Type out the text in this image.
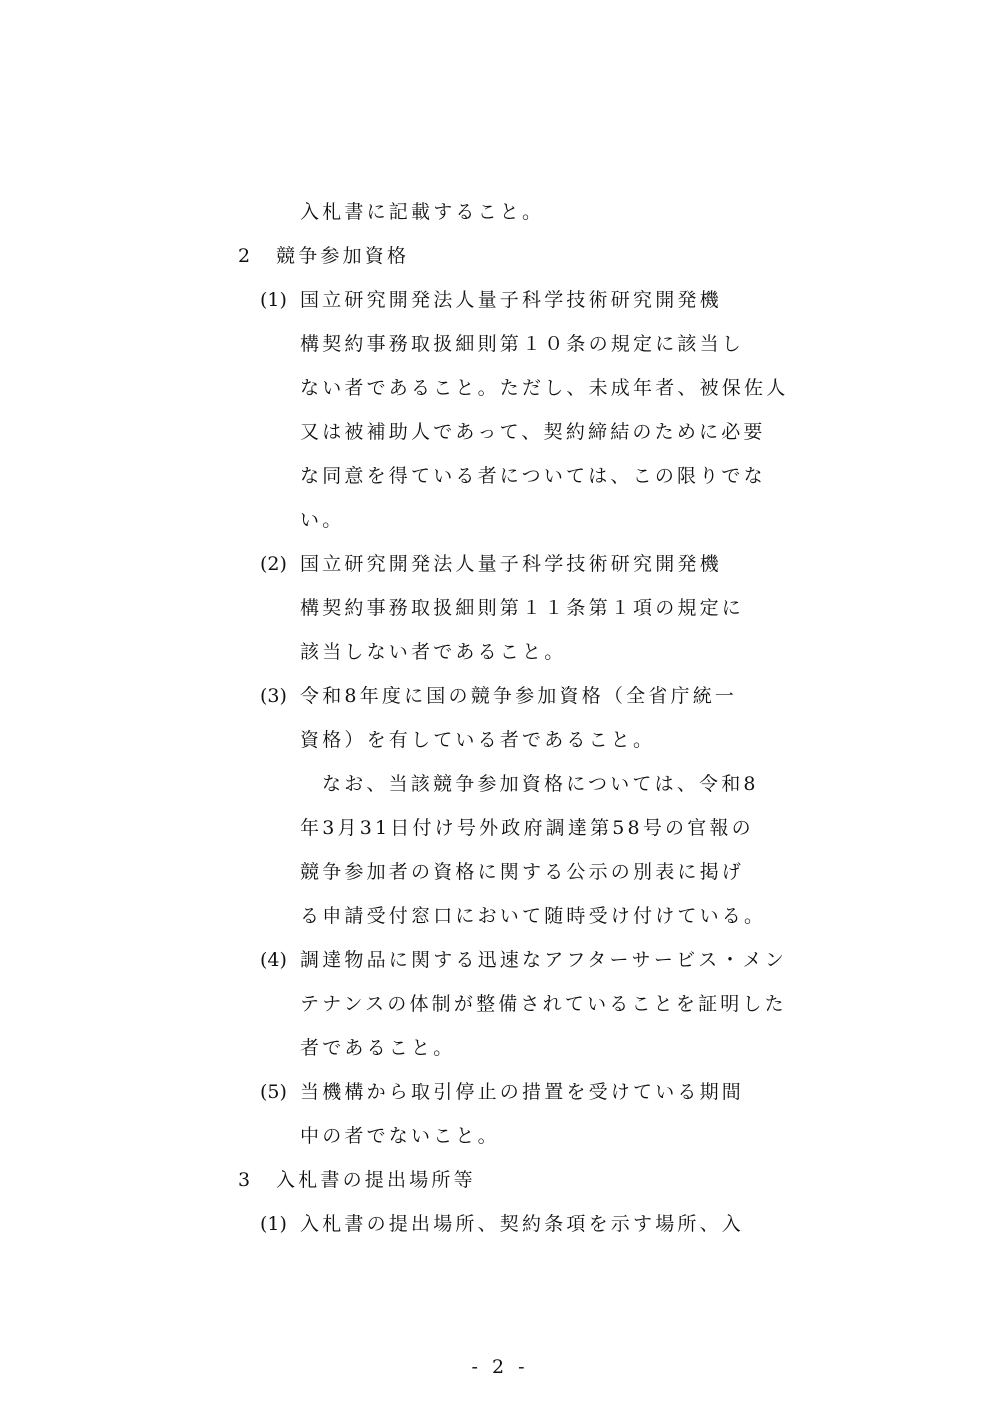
入札書に記載すること。
2 競争参加資格
(1) 国立研究開発法人量子科学技術研究開発機
構契約事務取扱細則第１０条の規定に該当し
ない者であること。ただし、未成年者、被保佐人
又は被補助人であって、契約締結のために必要
な同意を得ている者については、この限りでな
い。
(2) 国立研究開発法人量子科学技術研究開発機
構契約事務取扱細則第１１条第１項の規定に
該当しない者であること。
(3) 令和8年度に国の競争参加資格（全省庁統一
資格）を有している者であること。
なお、当該競争参加資格については、令和8
年3月31日付け号外政府調達第58号の官報の
競争参加者の資格に関する公示の別表に掲げ
る申請受付窓口において随時受け付けている。
(4) 調達物品に関する迅速なアフターサービス・メン
テナンスの体制が整備されていることを証明した
者であること。
(5) 当機構から取引停止の措置を受けている期間
中の者でないこと。
3 入札書の提出場所等
(1) 入札書の提出場所、契約条項を示す場所、入
- 2 -
